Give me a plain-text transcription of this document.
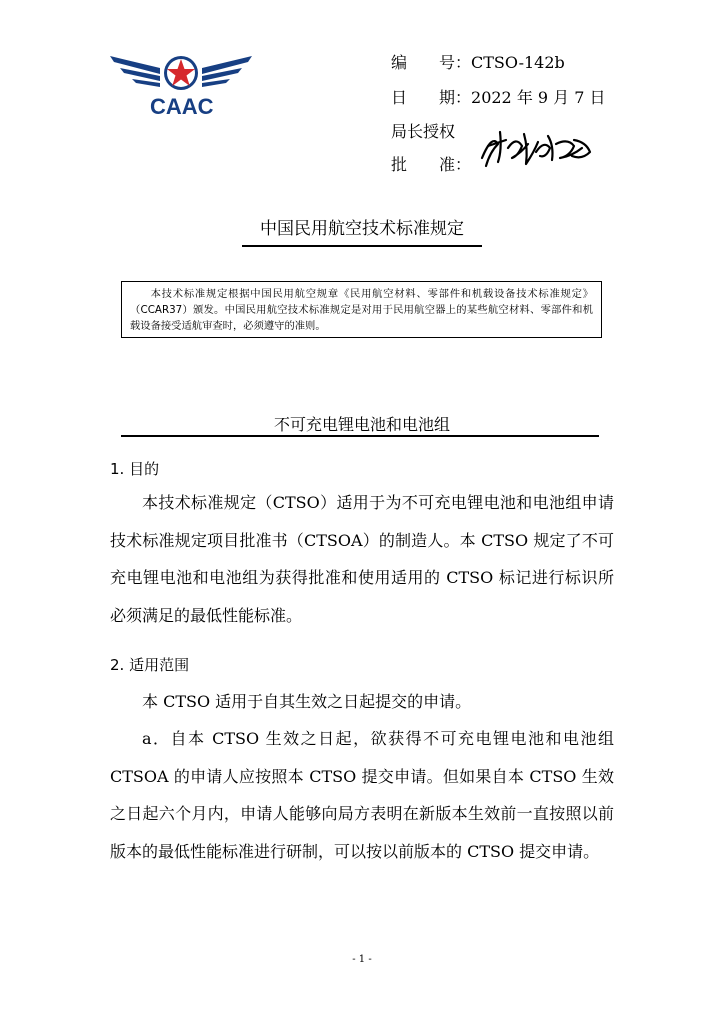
CAAC
编　　号：CTSO-142b
日　　期：2022 年 9 月 7 日
局长授权
批　　准：
中国民用航空技术标准规定
本技术标准规定根据中国民用航空规章《民用航空材料、零部件和机载设备技术标准规定》（CCAR37）颁发。中国民用航空技术标准规定是对用于民用航空器上的某些航空材料、零部件和机载设备接受适航审查时，必须遵守的准则。
不可充电锂电池和电池组
1. 目的
本技术标准规定（CTSO）适用于为不可充电锂电池和电池组申请技术标准规定项目批准书（CTSOA）的制造人。本 CTSO 规定了不可充电锂电池和电池组为获得批准和使用适用的 CTSO 标记进行标识所必须满足的最低性能标准。
2. 适用范围
本 CTSO 适用于自其生效之日起提交的申请。
a．自本 CTSO 生效之日起，欲获得不可充电锂电池和电池组 CTSOA 的申请人应按照本 CTSO 提交申请。但如果自本 CTSO 生效之日起六个月内，申请人能够向局方表明在新版本生效前一直按照以前版本的最低性能标准进行研制，可以按以前版本的 CTSO 提交申请。
- 1 -
